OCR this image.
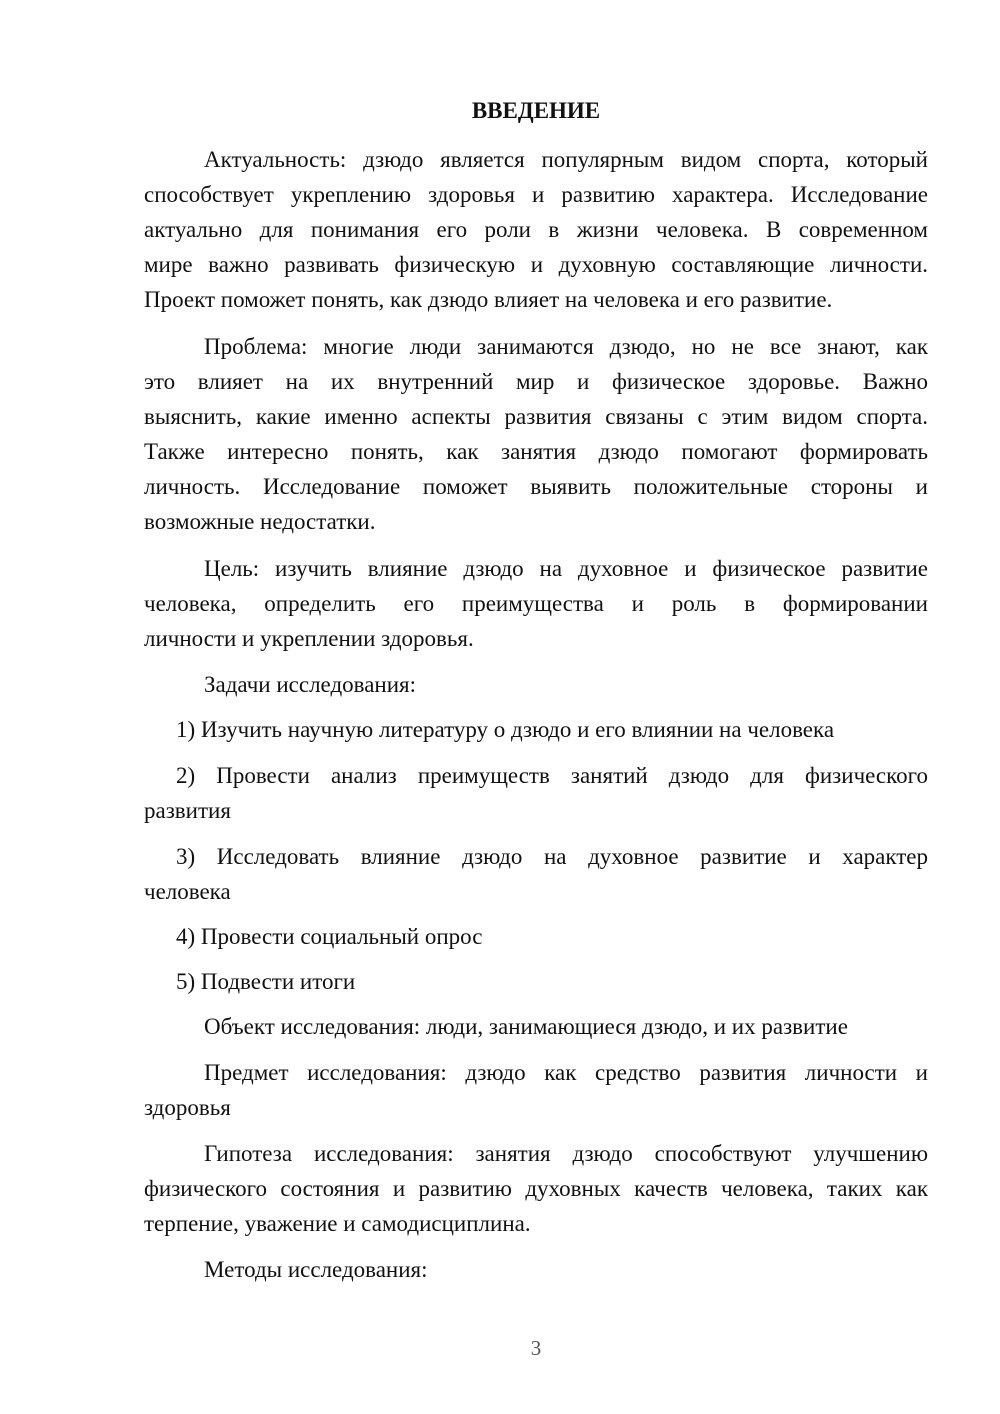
ВВЕДЕНИЕ
Актуальность: дзюдо является популярным видом спорта, который
способствует укреплению здоровья и развитию характера. Исследование
актуально для понимания его роли в жизни человека. В современном
мире важно развивать физическую и духовную составляющие личности.
Проект поможет понять, как дзюдо влияет на человека и его развитие.
Проблема: многие люди занимаются дзюдо, но не все знают, как
это влияет на их внутренний мир и физическое здоровье. Важно
выяснить, какие именно аспекты развития связаны с этим видом спорта.
Также интересно понять, как занятия дзюдо помогают формировать
личность. Исследование поможет выявить положительные стороны и
возможные недостатки.
Цель: изучить влияние дзюдо на духовное и физическое развитие
человека, определить его преимущества и роль в формировании
личности и укреплении здоровья.
Задачи исследования:
1) Изучить научную литературу о дзюдо и его влиянии на человека
2) Провести анализ преимуществ занятий дзюдо для физического
развития
3) Исследовать влияние дзюдо на духовное развитие и характер
человека
4) Провести социальный опрос
5) Подвести итоги
Объект исследования: люди, занимающиеся дзюдо, и их развитие
Предмет исследования: дзюдо как средство развития личности и
здоровья
Гипотеза исследования: занятия дзюдо способствуют улучшению
физического состояния и развитию духовных качеств человека, таких как
терпение, уважение и самодисциплина.
Методы исследования:

3
